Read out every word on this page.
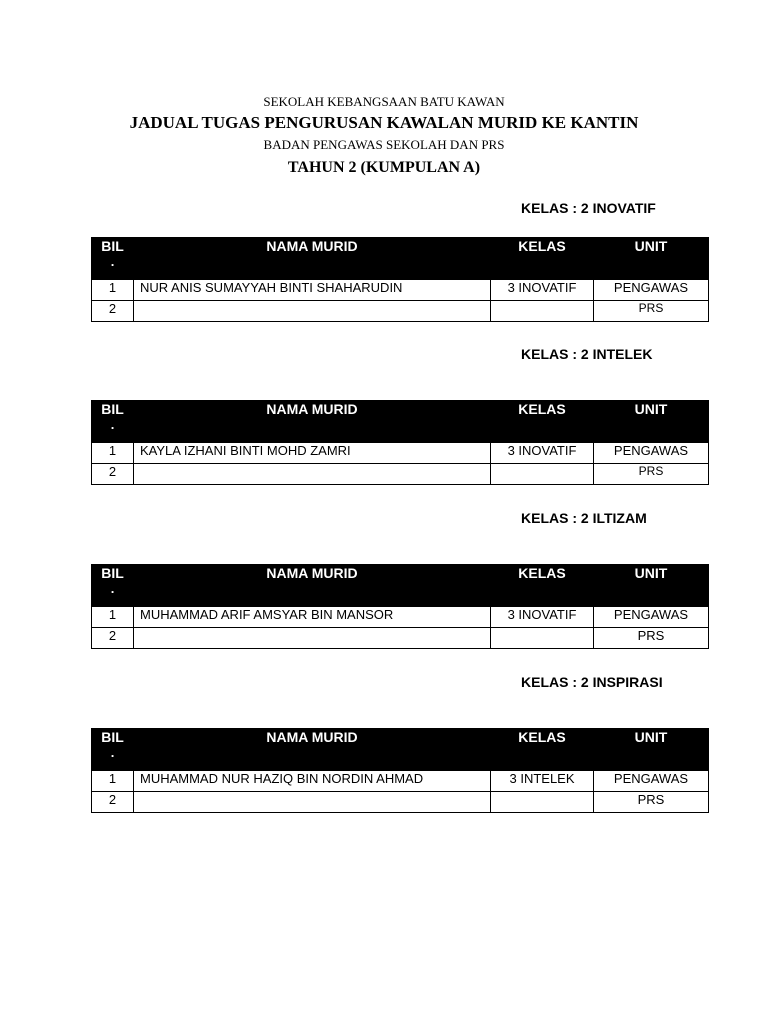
SEKOLAH KEBANGSAAN BATU KAWAN
JADUAL TUGAS PENGURUSAN KAWALAN MURID KE KANTIN
BADAN PENGAWAS SEKOLAH DAN PRS
TAHUN 2 (KUMPULAN A)
KELAS : 2 INOVATIF
BIL
.	NAMA MURID	KELAS	UNIT
1	NUR ANIS SUMAYYAH BINTI SHAHARUDIN	3 INOVATIF	PENGAWAS
2			PRS
KELAS : 2 INTELEK
BIL
.	NAMA MURID	KELAS	UNIT
1	KAYLA IZHANI BINTI MOHD ZAMRI	3 INOVATIF	PENGAWAS
2			PRS
KELAS : 2 ILTIZAM
BIL
.	NAMA MURID	KELAS	UNIT
1	MUHAMMAD ARIF AMSYAR BIN MANSOR	3 INOVATIF	PENGAWAS
2			PRS
KELAS : 2 INSPIRASI
BIL
.	NAMA MURID	KELAS	UNIT
1	MUHAMMAD NUR HAZIQ BIN NORDIN AHMAD	3 INTELEK	PENGAWAS
2			PRS
